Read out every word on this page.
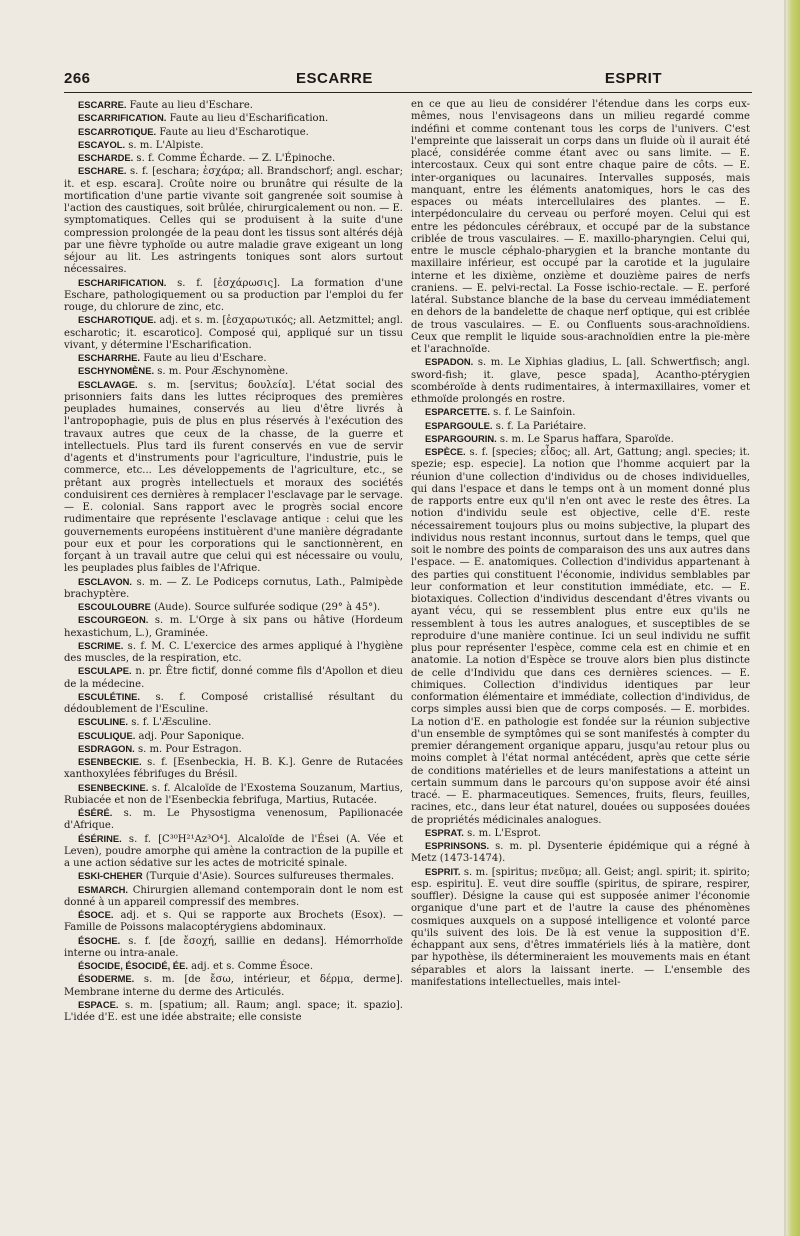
266	ESCARRE	ESPRIT

ESCARRE. Faute au lieu d'Eschare.

ESCARRIFICATION. Faute au lieu d'Escharification.

ESCARROTIQUE. Faute au lieu d'Escharotique.

ESCAYOL. s. m. L'Alpiste.

ESCHARDE. s. f. Comme Écharde. — Z. L'Épinoche.

ESCHARE. s. f. [eschara; ἐσχάρα; all. Brandschorf; angl. eschar; it. et esp. escara]. Croûte noire ou brunâtre qui résulte de la mortification d'une partie vivante soit gangrenée soit soumise à l'action des caustiques, soit brûlée, chirurgicalement ou non. — E. symptomatiques. Celles qui se produisent à la suite d'une compression prolongée de la peau dont les tissus sont altérés déjà par une fièvre typhoïde ou autre maladie grave exigeant un long séjour au lit. Les astringents toniques sont alors surtout nécessaires.

ESCHARIFICATION. s. f. [ἐσχάρωσις]. La formation d'une Eschare, pathologiquement ou sa production par l'emploi du fer rouge, du chlorure de zinc, etc.

ESCHAROTIQUE. adj. et s. m. [ἐσχαρωτικός; all. Aetzmittel; angl. escharotic; it. escarotico]. Composé qui, appliqué sur un tissu vivant, y détermine l'Escharification.

ESCHARRHE. Faute au lieu d'Eschare.

ESCHYNOMÈNE. s. m. Pour Æschynomène.

ESCLAVAGE. s. m. [servitus; δουλεία]. L'état social des prisonniers faits dans les luttes réciproques des premières peuplades humaines, conservés au lieu d'être livrés à l'antropophagie, puis de plus en plus réservés à l'exécution des travaux autres que ceux de la chasse, de la guerre et intellectuels. Plus tard ils furent conservés en vue de servir d'agents et d'instruments pour l'agriculture, l'industrie, puis le commerce, etc... Les développements de l'agriculture, etc., se prêtant aux progrès intellectuels et moraux des sociétés conduisirent ces dernières à remplacer l'esclavage par le servage. — E. colonial. Sans rapport avec le progrès social encore rudimentaire que représente l'esclavage antique : celui que les gouvernements européens instituèrent d'une manière dégradante pour eux et pour les corporations qui le sanctionnèrent, en forçant à un travail autre que celui qui est nécessaire ou voulu, les peuplades plus faibles de l'Afrique.

ESCLAVON. s. m. — Z. Le Podiceps cornutus, Lath., Palmipède brachyptère.

ESCOULOUBRE (Aude). Source sulfurée sodique (29° à 45°).

ESCOURGEON. s. m. L'Orge à six pans ou hâtive (Hordeum hexastichum, L.), Graminée.

ESCRIME. s. f. M. C. L'exercice des armes appliqué à l'hygiène des muscles, de la respiration, etc.

ESCULAPE. n. pr. Être fictif, donné comme fils d'Apollon et dieu de la médecine.

ESCULÉTINE. s. f. Composé cristallisé résultant du dédoublement de l'Esculine.

ESCULINE. s. f. L'Æsculine.

ESCULIQUE. adj. Pour Saponique.

ESDRAGON. s. m. Pour Estragon.

ESENBECKIE. s. f. [Esenbeckia, H. B. K.]. Genre de Rutacées xanthoxylées fébrifuges du Brésil.

ESENBECKINE. s. f. Alcaloïde de l'Exostema Souzanum, Martius, Rubiacée et non de l'Esenbeckia febrifuga, Martius, Rutacée.

ÉSÉRÉ. s. m. Le Physostigma venenosum, Papilionacée d'Afrique.

ÉSÉRINE. s. f. [C³⁰H²¹Az³O⁴]. Alcaloïde de l'Ései (A. Vée et Leven), poudre amorphe qui amène la contraction de la pupille et a une action sédative sur les actes de motricité spinale.

ESKI-CHEHER (Turquie d'Asie). Sources sulfureuses thermales.

ESMARCH. Chirurgien allemand contemporain dont le nom est donné à un appareil compressif des membres.

ÉSOCE. adj. et s. Qui se rapporte aux Brochets (Esox). — Famille de Poissons malacoptérygiens abdominaux.

ÉSOCHE. s. f. [de ἔσοχή, saillie en dedans]. Hémorrhoïde interne ou intra-anale.

ÉSOCIDE, ÉSOCIDÉ, ÉE. adj. et s. Comme Ésoce.

ÉSODERME. s. m. [de ἔσω, intérieur, et δέρμα, derme]. Membrane interne du derme des Articulés.

ESPACE. s. m. [spatium; all. Raum; angl. space; it. spazio]. L'idée d'E. est une idée abstraite; elle consiste

en ce que au lieu de considérer l'étendue dans les corps eux-mêmes, nous l'envisageons dans un milieu regardé comme indéfini et comme contenant tous les corps de l'univers. C'est l'empreinte que laisserait un corps dans un fluide où il aurait été placé, considérée comme étant avec ou sans limite. — E. intercostaux. Ceux qui sont entre chaque paire de côts. — E. inter-organiques ou lacunaires. Intervalles supposés, mais manquant, entre les éléments anatomiques, hors le cas des espaces ou méats intercellulaires des plantes. — E. interpédonculaire du cerveau ou perforé moyen. Celui qui est entre les pédoncules cérébraux, et occupé par de la substance criblée de trous vasculaires. — E. maxillo-pharyngien. Celui qui, entre le muscle céphalo-pharygien et la branche montante du maxillaire inférieur, est occupé par la carotide et la jugulaire interne et les dixième, onzième et douzième paires de nerfs craniens. — E. pelvi-rectal. La Fosse ischio-rectale. — E. perforé latéral. Substance blanche de la base du cerveau immédiatement en dehors de la bandelette de chaque nerf optique, qui est criblée de trous vasculaires. — E. ou Confluents sous-arachnoïdiens. Ceux que remplit le liquide sous-arachnoïdien entre la pie-mère et l'arachnoïde.

ESPADON. s. m. Le Xiphias gladius, L. [all. Schwertfisch; angl. sword-fish; it. glave, pesce spada], Acantho-ptérygien scombéroïde à dents rudimentaires, à intermaxillaires, vomer et ethmoïde prolongés en rostre.

ESPARCETTE. s. f. Le Sainfoin.

ESPARGOULE. s. f. La Pariétaire.

ESPARGOURIN. s. m. Le Sparus haffara, Sparoïde.

ESPÈCE. s. f. [species; εἶδος; all. Art, Gattung; angl. species; it. spezie; esp. especie]. La notion que l'homme acquiert par la réunion d'une collection d'individus ou de choses individuelles, qui dans l'espace et dans le temps ont à un moment donné plus de rapports entre eux qu'il n'en ont avec le reste des êtres. La notion d'individu seule est objective, celle d'E. reste nécessairement toujours plus ou moins subjective, la plupart des individus nous restant inconnus, surtout dans le temps, quel que soit le nombre des points de comparaison des uns aux autres dans l'espace. — E. anatomiques. Collection d'individus appartenant à des parties qui constituent l'économie, individus semblables par leur conformation et leur constitution immédiate, etc. — E. biotaxiques. Collection d'individus descendant d'êtres vivants ou ayant vécu, qui se ressemblent plus entre eux qu'ils ne ressemblent à tous les autres analogues, et susceptibles de se reproduire d'une manière continue. Ici un seul individu ne suffit plus pour représenter l'espèce, comme cela est en chimie et en anatomie. La notion d'Espèce se trouve alors bien plus distincte de celle d'Individu que dans ces dernières sciences. — E. chimiques. Collection d'individus identiques par leur conformation élémentaire et immédiate, collection d'individus, de corps simples aussi bien que de corps composés. — E. morbides. La notion d'E. en pathologie est fondée sur la réunion subjective d'un ensemble de symptômes qui se sont manifestés à compter du premier dérangement organique apparu, jusqu'au retour plus ou moins complet à l'état normal antécédent, après que cette série de conditions matérielles et de leurs manifestations a atteint un certain summum dans le parcours qu'on suppose avoir été ainsi tracé. — E. pharmaceutiques. Semences, fruits, fleurs, feuilles, racines, etc., dans leur état naturel, douées ou supposées douées de propriétés médicinales analogues.

ESPRAT. s. m. L'Esprot.

ESPRINSONS. s. m. pl. Dysenterie épidémique qui a régné à Metz (1473-1474).

ESPRIT. s. m. [spiritus; πνεῦμα; all. Geist; angl. spirit; it. spirito; esp. espiritu]. E. veut dire souffle (spiritus, de spirare, respirer, souffler). Désigne la cause qui est supposée animer l'économie organique d'une part et de l'autre la cause des phénomènes cosmiques auxquels on a supposé intelligence et volonté parce qu'ils suivent des lois. De là est venue la supposition d'E. échappant aux sens, d'êtres immatériels liés à la matière, dont par hypothèse, ils détermineraient les mouvements mais en étant séparables et alors la laissant inerte. — L'ensemble des manifestations intellectuelles, mais intel-
